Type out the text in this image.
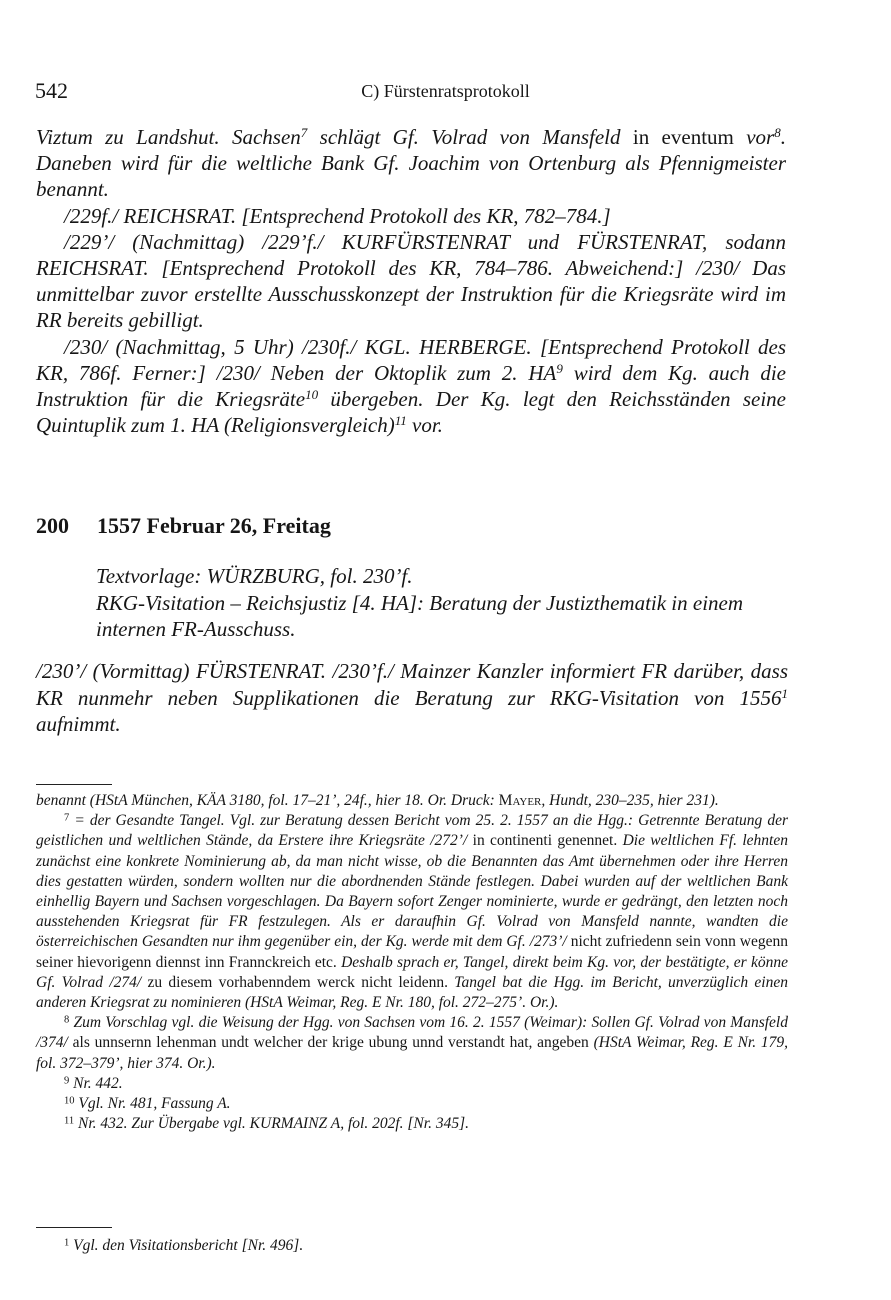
542	C) Fürstenratsprotokoll

Viztum zu Landshut. Sachsen$^7$ schlägt Gf. Volrad von Mansfeld in eventum vor$^8$. Daneben wird für die weltliche Bank Gf. Joachim von Ortenburg als Pfennigmeister benannt.

/229f./ REICHSRAT. [Entsprechend Protokoll des KR, 782–784.]

/229’/ (Nachmittag) /229’f./ KURFÜRSTENRAT und FÜRSTENRAT, sodann REICHSRAT. [Entsprechend Protokoll des KR, 784–786. Abweichend:] /230/ Das unmittelbar zuvor erstellte Ausschusskonzept der Instruktion für die Kriegsräte wird im RR bereits gebilligt.

/230/ (Nachmittag, 5 Uhr) /230f./ KGL. HERBERGE. [Entsprechend Protokoll des KR, 786f. Ferner:] /230/ Neben der Oktoplik zum 2. $HA^9$ wird dem Kg. auch die Instruktion für die Kriegsräte$^{10}$ übergeben. Der Kg. legt den Reichsständen seine Quintuplik zum 1. HA (Religionsvergleich)$^{11}$ vor.

200 1557 Februar 26, Freitag

Textvorlage: WÜRZBURG, fol. 230’f.

RKG-Visitation – Reichsjustiz [4. HA]: Beratung der Justizthematik in einem internen FR-Ausschuss.

/230’/ (Vormittag) FÜRSTENRAT. /230’f./ Mainzer Kanzler informiert FR darüber, dass KR nunmehr neben Supplikationen die Beratung zur RKG-Visitation von 1556$^1$ aufnimmt.

benannt (HStA München, KÄA 3180, fol. 17–21’, 24f., hier 18. Or. Druck: Mayer, Hundt, 230–235, hier 231).

$^7$ = der Gesandte Tangel. Vgl. zur Beratung dessen Bericht vom 25. 2. 1557 an die Hgg.: Getrennte Beratung der geistlichen und weltlichen Stände, da Erstere ihre Kriegsräte /272’/ in continenti genennet. Die weltlichen Ff. lehnten zunächst eine konkrete Nominierung ab, da man nicht wisse, ob die Benannten das Amt übernehmen oder ihre Herren dies gestatten würden, sondern wollten nur die abordnenden Stände festlegen. Dabei wurden auf der weltlichen Bank einhellig Bayern und Sachsen vorgeschlagen. Da Bayern sofort Zenger nominierte, wurde er gedrängt, den letzten noch ausstehenden Kriegsrat für FR festzulegen. Als er daraufhin Gf. Volrad von Mansfeld nannte, wandten die österreichischen Gesandten nur ihm gegenüber ein, der Kg. werde mit dem Gf. /273’/ nicht zufriedenn sein vonn wegenn seiner hievorigenn diennst inn Frannckreich etc. Deshalb sprach er, Tangel, direkt beim Kg. vor, der bestätigte, er könne Gf. Volrad /274/ zu diesem vorhabenndem werck nicht leidenn. Tangel bat die Hgg. im Bericht, unverzüglich einen anderen Kriegsrat zu nominieren (HStA Weimar, Reg. E Nr. 180, fol. 272–275’. Or.).

$^8$ Zum Vorschlag vgl. die Weisung der Hgg. von Sachsen vom 16. 2. 1557 (Weimar): Sollen Gf. Volrad von Mansfeld /374/ als unnsernn lehenman undt welcher der krige ubung unnd verstandt hat, angeben (HStA Weimar, Reg. E Nr. 179, fol. 372–379’, hier 374. Or.).

$^9$ Nr. 442.

$^{10}$ Vgl. Nr. 481, Fassung A.

$^{11}$ Nr. 432. Zur Übergabe vgl. KURMAINZ A, fol. 202f. [Nr. 345].

$^1$ Vgl. den Visitationsbericht [Nr. 496].
